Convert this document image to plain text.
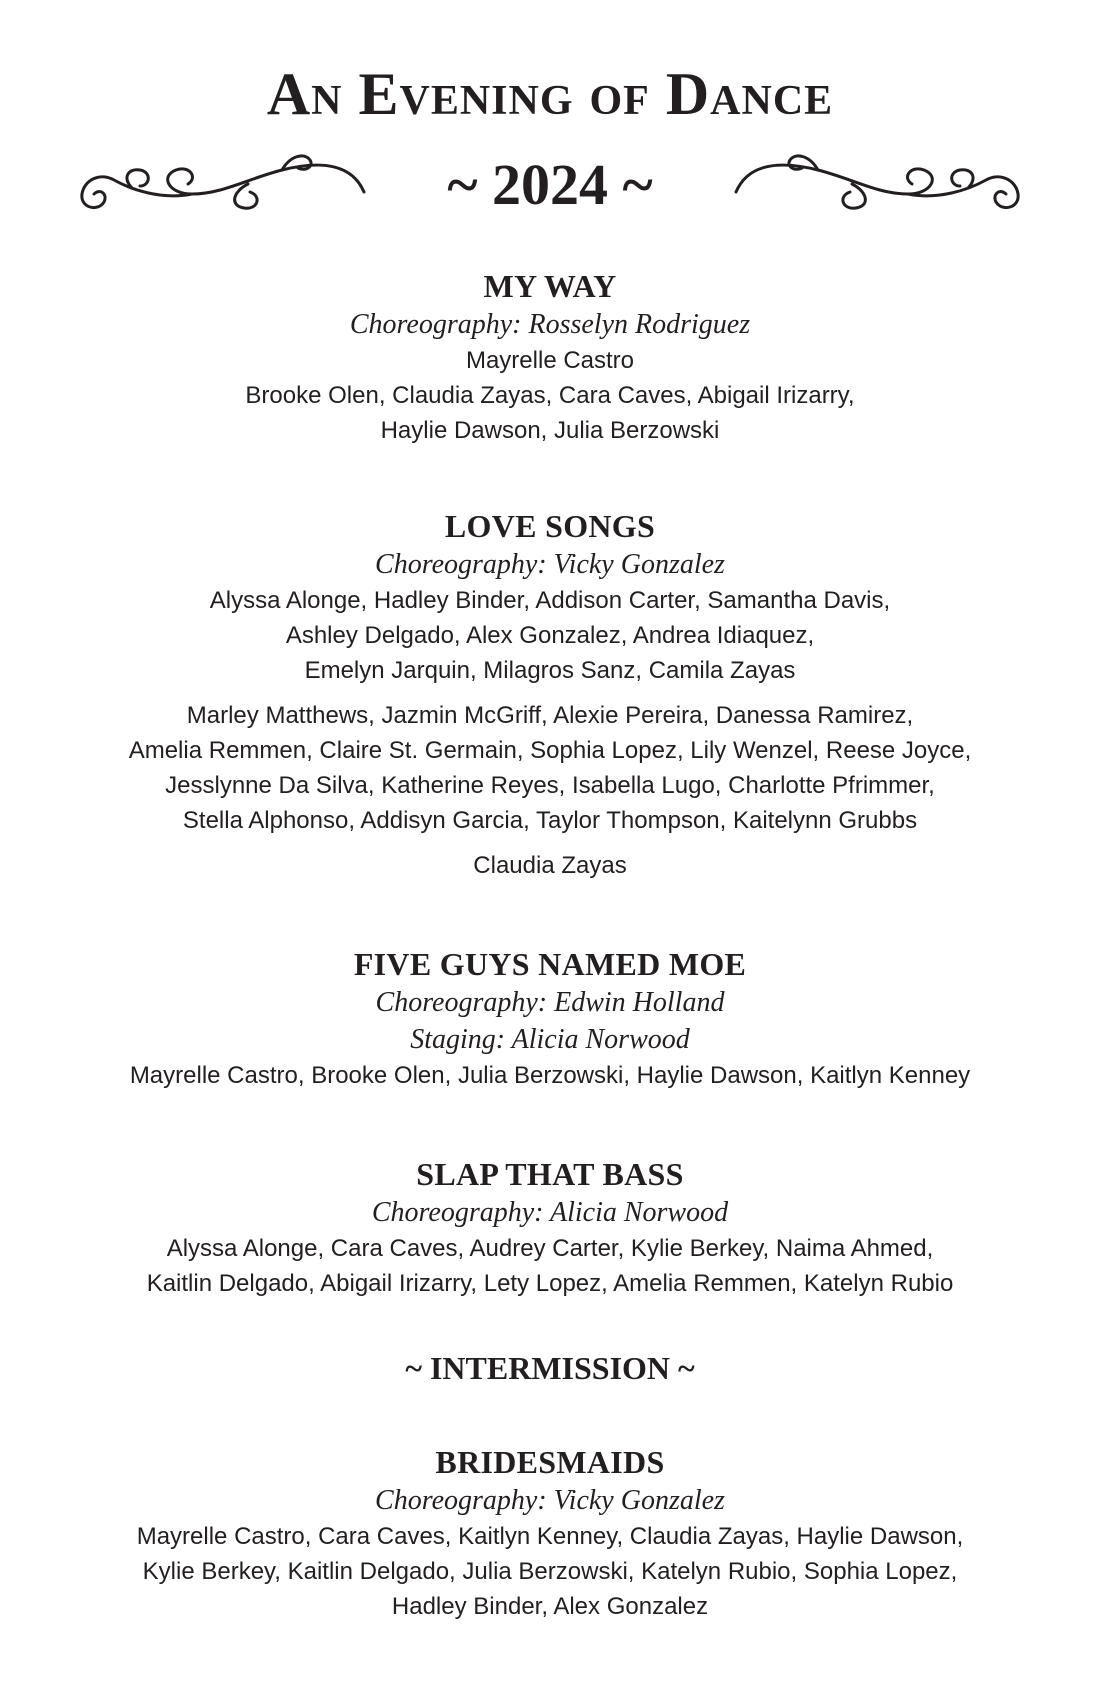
An Evening of Dance
~ 2024 ~
MY WAY
Choreography: Rosselyn Rodriguez
Mayrelle Castro
Brooke Olen, Claudia Zayas, Cara Caves, Abigail Irizarry,
Haylie Dawson, Julia Berzowski
LOVE SONGS
Choreography: Vicky Gonzalez
Alyssa Alonge, Hadley Binder, Addison Carter, Samantha Davis,
Ashley Delgado, Alex Gonzalez, Andrea Idiaquez,
Emelyn Jarquin, Milagros Sanz, Camila Zayas
Marley Matthews, Jazmin McGriff, Alexie Pereira, Danessa Ramirez,
Amelia Remmen, Claire St. Germain, Sophia Lopez, Lily Wenzel, Reese Joyce,
Jesslynne Da Silva, Katherine Reyes, Isabella Lugo, Charlotte Pfrimmer,
Stella Alphonso, Addisyn Garcia, Taylor Thompson, Kaitelynn Grubbs
Claudia Zayas
FIVE GUYS NAMED MOE
Choreography: Edwin Holland
Staging: Alicia Norwood
Mayrelle Castro, Brooke Olen, Julia Berzowski, Haylie Dawson, Kaitlyn Kenney
SLAP THAT BASS
Choreography: Alicia Norwood
Alyssa Alonge, Cara Caves, Audrey Carter, Kylie Berkey, Naima Ahmed,
Kaitlin Delgado, Abigail Irizarry, Lety Lopez, Amelia Remmen, Katelyn Rubio
~ INTERMISSION ~
BRIDESMAIDS
Choreography: Vicky Gonzalez
Mayrelle Castro, Cara Caves, Kaitlyn Kenney, Claudia Zayas, Haylie Dawson,
Kylie Berkey, Kaitlin Delgado, Julia Berzowski, Katelyn Rubio, Sophia Lopez,
Hadley Binder, Alex Gonzalez
